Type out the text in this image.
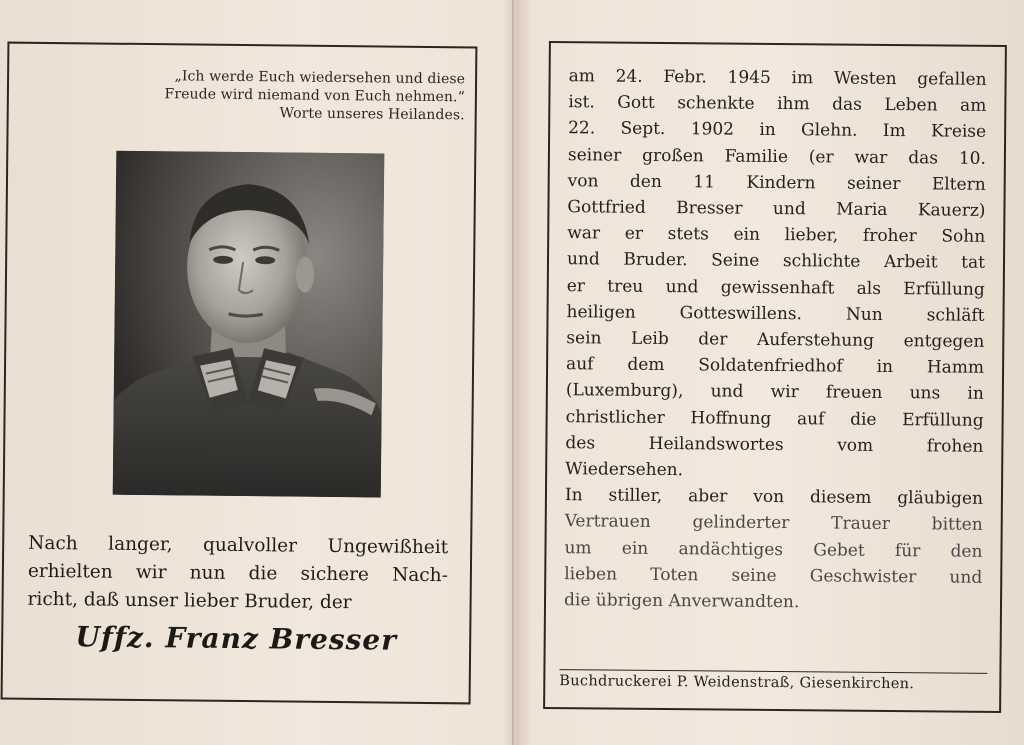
„Ich werde Euch wiedersehen und diese
Freude wird niemand von Euch nehmen.“
Worte unseres Heilandes.
Nach langer, qualvoller Ungewißheit
erhielten wir nun die sichere Nach-
richt, daß unser lieber Bruder, der
Uffz. Franz Bresser
am 24. Febr. 1945 im Westen gefallen
ist. Gott schenkte ihm das Leben am
22. Sept. 1902 in Glehn. Im Kreise
seiner großen Familie (er war das 10.
von den 11 Kindern seiner Eltern
Gottfried Bresser und Maria Kauerz)
war er stets ein lieber, froher Sohn
und Bruder. Seine schlichte Arbeit tat
er treu und gewissenhaft als Erfüllung
heiligen Gotteswillens. Nun schläft
sein Leib der Auferstehung entgegen
auf dem Soldatenfriedhof in Hamm
(Luxemburg), und wir freuen uns in
christlicher Hoffnung auf die Erfüllung
des Heilandswortes vom frohen
Wiedersehen.
In stiller, aber von diesem gläubigen
Vertrauen gelinderter Trauer bitten
um ein andächtiges Gebet für den
lieben Toten seine Geschwister und
die übrigen Anverwandten.
Buchdruckerei P. Weidenstraß, Giesenkirchen.
